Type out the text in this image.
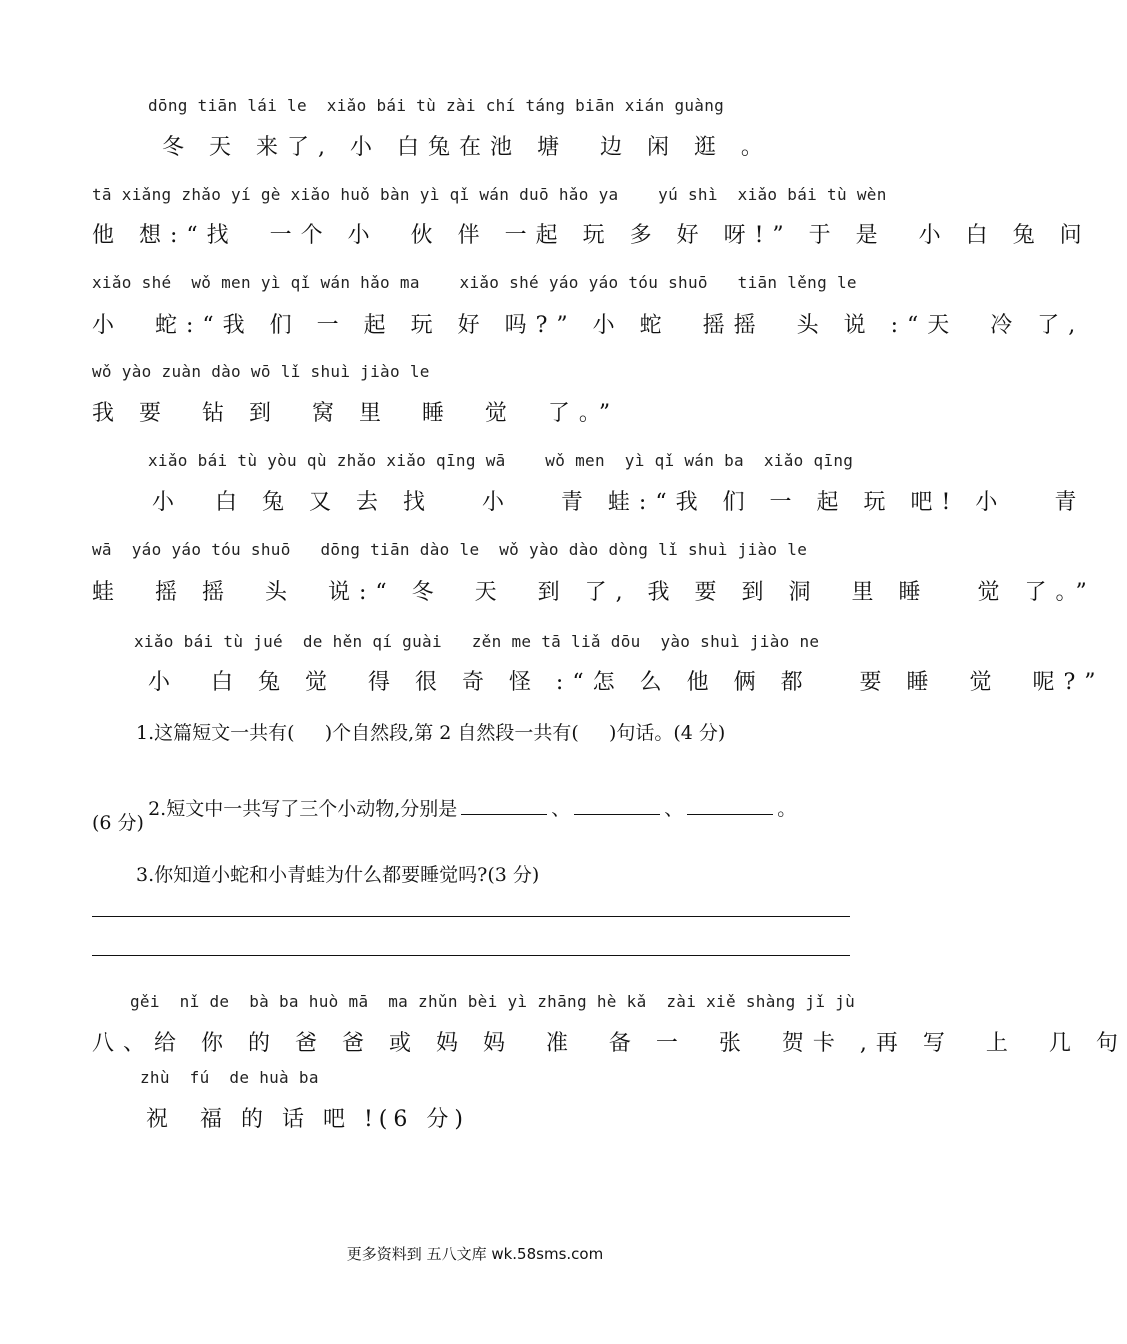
dōng tiān lái le  xiǎo bái tù zài chí táng biān xián guàng
冬 天 来了, 小 白兔在池 塘  边 闲 逛 。
tā xiǎng zhǎo yí gè xiǎo huǒ bàn yì qǐ wán duō hǎo ya    yú shì  xiǎo bái tù wèn
他 想:“找  一个 小  伙 伴 一起 玩 多 好 呀!” 于 是  小 白 兔 问
xiǎo shé  wǒ men yì qǐ wán hǎo ma    xiǎo shé yáo yáo tóu shuō   tiān lěng le
小  蛇:“我 们 一 起 玩 好 吗?” 小 蛇  摇摇  头 说 :“天  冷 了,
wǒ yào zuàn dào wō lǐ shuì jiào le
我 要  钻 到  窝 里  睡  觉  了。”
xiǎo bái tù yòu qù zhǎo xiǎo qīng wā    wǒ men  yì qǐ wán ba  xiǎo qīng
小  白 兔 又 去 找   小   青 蛙:“我 们 一 起 玩 吧! 小   青
wā  yáo yáo tóu shuō   dōng tiān dào le  wǒ yào dào dòng lǐ shuì jiào le
蛙  摇 摇  头  说:“ 冬  天  到 了, 我 要 到 洞  里 睡   觉 了。”
xiǎo bái tù jué  de hěn qí guài   zěn me tā liǎ dōu  yào shuì jiào ne
小  白 兔 觉  得 很 奇 怪 :“怎 么 他 俩 都   要 睡  觉  呢?”
1.这篇短文一共有(     )个自然段,第 2 自然段一共有(     )句话。(4 分)

2.短文中一共写了三个小动物,分别是	、	、	。

(6 分)
3.你知道小蛇和小青蛙为什么都要睡觉吗?(3 分)
gěi  nǐ de  bà ba huò mā  ma zhǔn bèi yì zhāng hè kǎ  zài xiě shàng jǐ jù
八、给 你 的 爸 爸 或 妈 妈  准  备 一  张  贺卡 ,再 写  上  几 句
zhù  fú  de huà ba
祝  福 的 话 吧 !(6 分)
更多资料到 五八文库 wk.58sms.com
